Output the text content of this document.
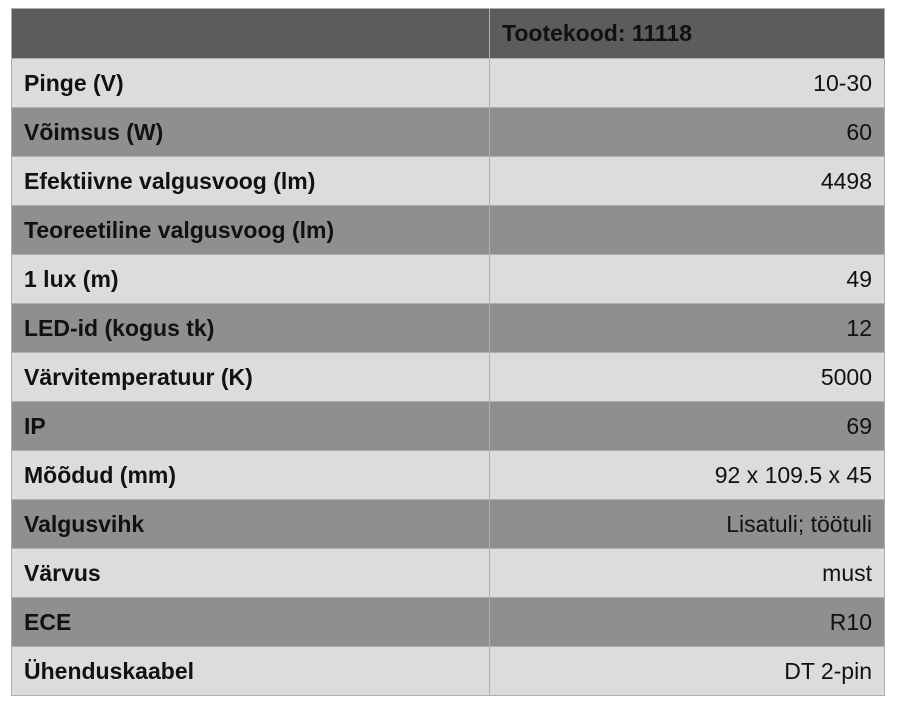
	Tootekood: 11118
Pinge (V)	10-30
Võimsus (W)	60
Efektiivne valgusvoog (lm)	4498
Teoreetiline valgusvoog (lm)	
1 lux (m)	49
LED-id (kogus tk)	12
Värvitemperatuur (K)	5000
IP	69
Mõõdud (mm)	92 x 109.5 x 45
Valgusvihk	Lisatuli; töötuli
Värvus	must
ECE	R10
Ühenduskaabel	DT 2-pin
